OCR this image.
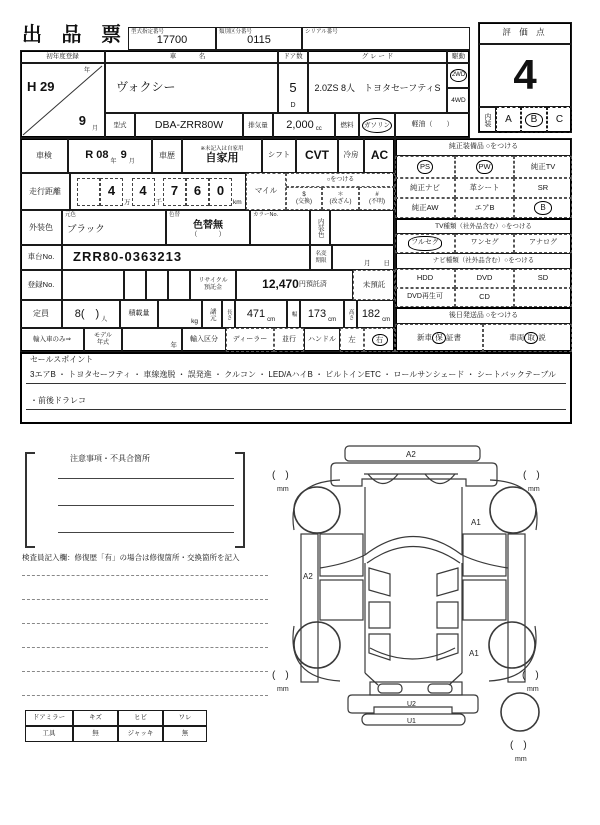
出 品 票 型式指定番号
17700
類別区分番号
0115
シリアル番号	評 価 点
4
内装	A	B	C
初年度登録	車　名	ドア数	グ レ ー ド	駆動
H 29
年
9
月
ヴォクシー	5
D
2.0ZS 8人　トヨタセーフティS
2WD
4WD
型式	DBA-ZRR80W	排気量	2,000 cc
燃料	ガソリン	軽油 （　　）
車検	R 08
年
9
月
車歴
※未記入は自家用
自家用	シフト	CVT	冷房	AC
走行距離	4
万
4
千
7	6	0
km
マイル
○をつける
$
(交換)
＊
(改ざん)
#
(不明)
外装色
元色
ブラック
色替
色替無
（　　　）
カラーNo.
内装色
車台No.	ZRR80-0363213	名変
期限	月　　日
登録No.	リサイクル
預託金	12,470 円預託済	未預託
定員	8(　)
人
積載量
kg
諸元	長さ	471
cm
幅	173
cm
高さ 182
cm
輸入車のみ⇒
モデル
年式	年
輸入区分	ディーラー	並行	ハンドル	左	右
純正装備品 ○をつける
PS	PW	純正TV
純正ナビ	革シート	SR
純正AW	エアB	B
TV種類（社外品含む）○をつける
フルセグ	ワンセグ	アナログ
ナビ種類（社外品含む）○をつける
HDD	DVD	SD
DVD再生可	CD
後日発送品 ○をつける
新車 保 証書	車両 取 説
セールスポイント
3エアB ・ トヨタセーフティ ・ 車線逸脱 ・ 誤発進 ・ クルコン ・ LED/AハイB ・ ビルトインETC ・ ロールサンシェード ・ シートバックテーブル
・前後ドラレコ
注意事項・不具合箇所
検査員記入欄：修復歴「有」の場合は修復箇所・交換箇所を記入
ドアミラー	キズ	ヒビ	ワレ
工具	無	ジャッキ	無
A2
U2
U1
A1
A2
A1
(　)
mm
(　)
mm
(　)
mm
(　)
mm
(　)
mm
